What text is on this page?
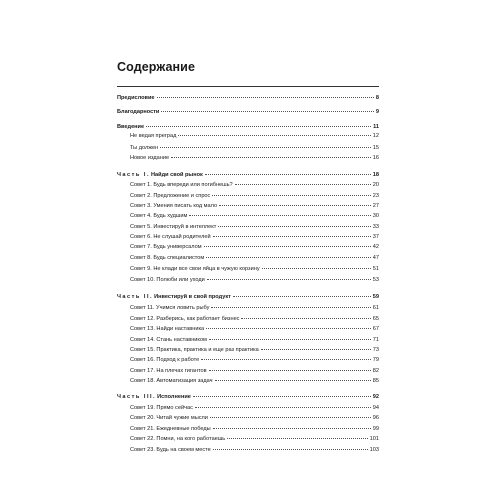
Содержание
Предисловие	8
Благодарности	9
Введение	11
Не ведая преград	12
Ты должен	15
Новое издание	16
Часть I. Найди свой рынок	18
Совет 1. Будь впереди или погибнешь?	20
Совет 2. Предложение и спрос	23
Совет 3. Умения писать код мало	27
Совет 4. Будь худшим	30
Совет 5. Инвестируй в интеллект	33
Совет 6. Не слушай родителей	37
Совет 7. Будь универсалом	42
Совет 8. Будь специалистом	47
Совет 9. Не клади все свои яйца в чужую корзину	51
Совет 10. Полюби или уходи	53
Часть II. Инвестируй в свой продукт	59
Совет 11. Учимся ловить рыбу	61
Совет 12. Разберись, как работает бизнес	65
Совет 13. Найди наставника	67
Совет 14. Стань наставником	71
Совет 15. Практика, практика и еще раз практика	73
Совет 16. Подход к работе	79
Совет 17. На плечах гигантов	82
Совет 18. Автоматизация задач	85
Часть III. Исполнение	92
Совет 19. Прямо сейчас	94
Совет 20. Читай чужие мысли	96
Совет 21. Ежедневные победы	99
Совет 22. Помни, на кого работаешь	101
Совет 23. Будь на своем месте	103
